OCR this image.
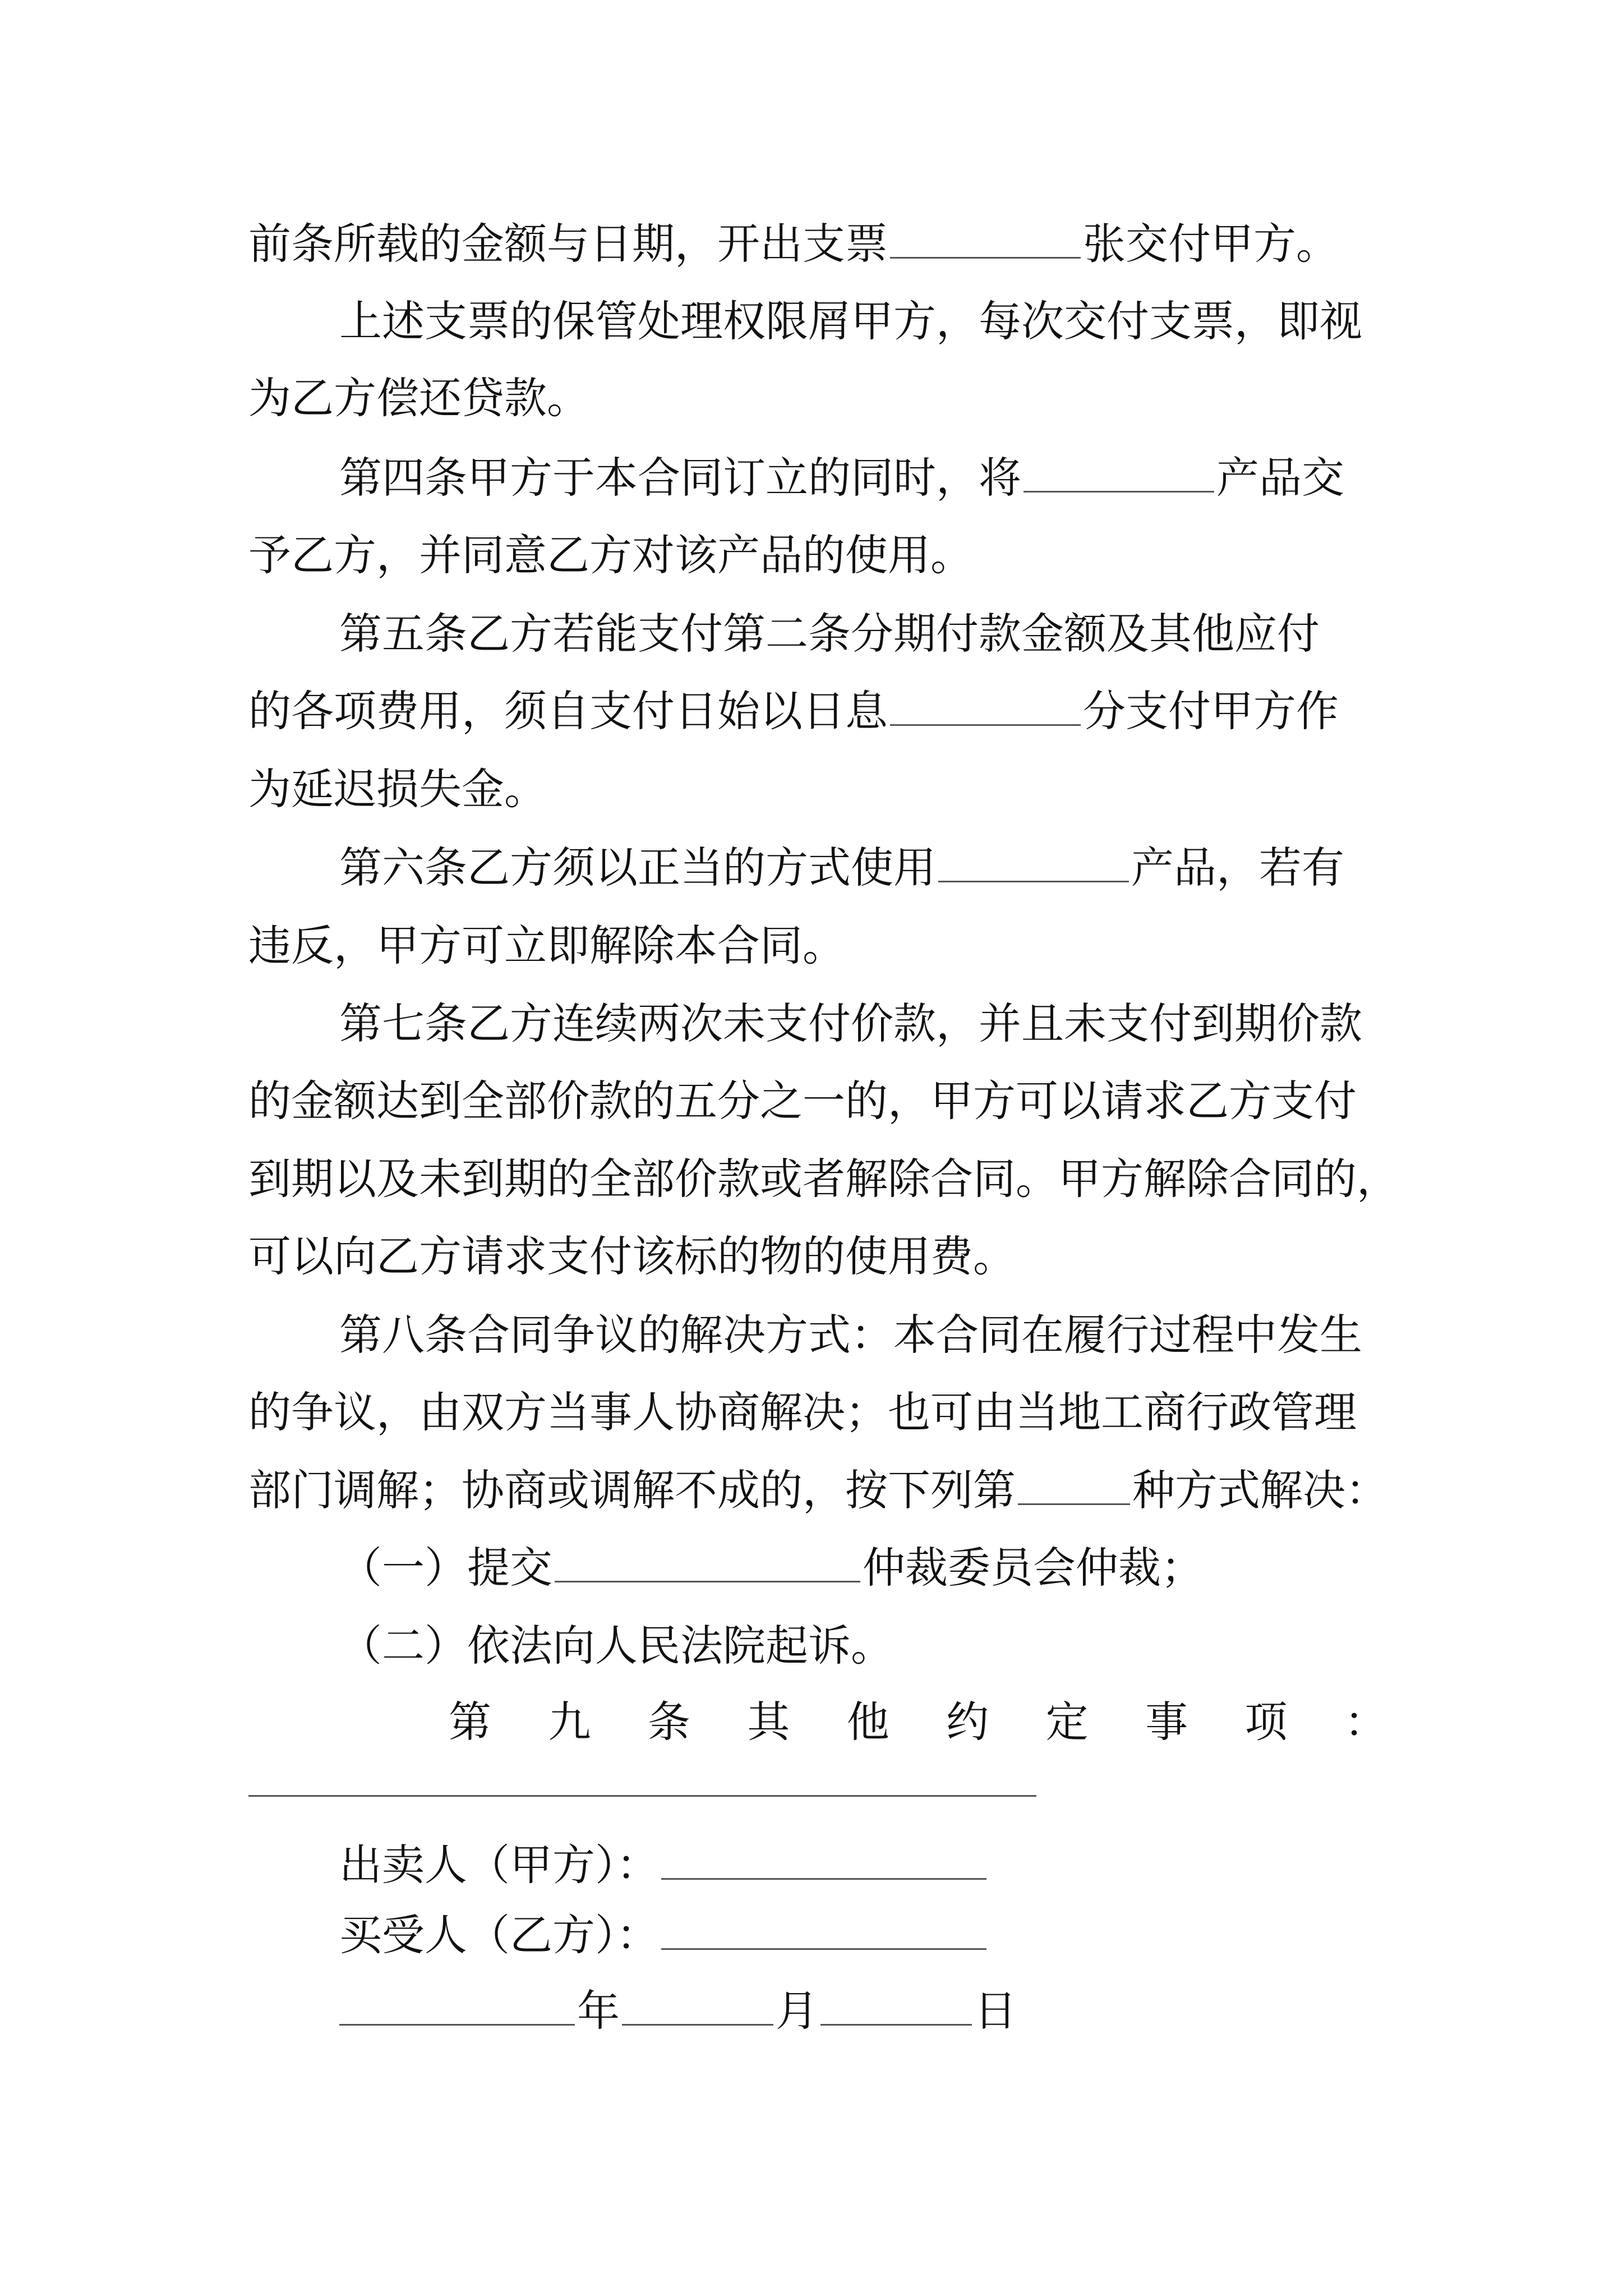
前条所载的金额与日期，开出支票	张交付甲方。
上述支票的保管处理权限屑甲方，每次交付支票，即视
为乙方偿还贷款。
第四条甲方于本合同订立的同时，将	产品交
予乙方，并同意乙方对该产品的使用。
第五条乙方若能支付第二条分期付款金额及其他应付
的各项费用，须自支付日始以日息	分支付甲方作
为延迟损失金。
第六条乙方须以正当的方式使用	产品，若有
违反，甲方可立即解除本合同。
第七条乙方连续两次未支付价款，并且未支付到期价款
的金额达到全部价款的五分之一的，甲方可以请求乙方支付
到期以及未到期的全部价款或者解除合同。甲方解除合同的，
可以向乙方请求支付该标的物的使用费。
第八条合同争议的解决方式：本合同在履行过程中发生
的争议，由双方当事人协商解决；也可由当地工商行政管理
部门调解；协商或调解不成的，按下列第	种方式解决：
（一）提交	仲裁委员会仲裁；
（二）依法向人民法院起诉。
第 九 条 其 他 约 定 事 项 ：
出卖人（甲方）：
买受人（乙方）：
年	月	日
